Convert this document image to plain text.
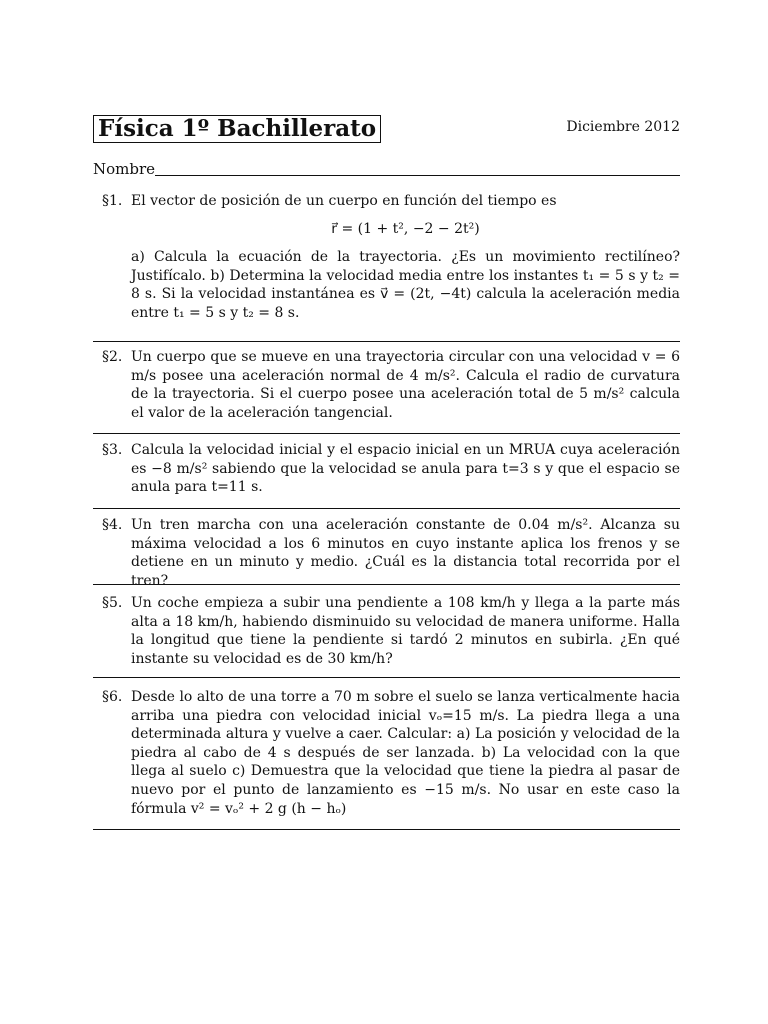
Física 1º Bachillerato	Diciembre 2012
Nombre
§1. El vector de posición de un cuerpo en función del tiempo es

r⃗ = (1 + t², −2 − 2t²)

a) Calcula la ecuación de la trayectoria. ¿Es un movimiento rectilíneo? Justifícalo. b) Determina la velocidad media entre los instantes t₁ = 5 s y t₂ = 8 s. Si la velocidad instantánea es v⃗ = (2t, −4t) calcula la aceleración media entre t₁ = 5 s y t₂ = 8 s.

§2. Un cuerpo que se mueve en una trayectoria circular con una velocidad v = 6 m/s posee una aceleración normal de 4 m/s². Calcula el radio de curvatura de la trayectoria. Si el cuerpo posee una aceleración total de 5 m/s² calcula el valor de la aceleración tangencial.

§3. Calcula la velocidad inicial y el espacio inicial en un MRUA cuya aceleración es −8 m/s² sabiendo que la velocidad se anula para t=3 s y que el espacio se anula para t=11 s.

§4. Un tren marcha con una aceleración constante de 0.04 m/s². Alcanza su máxima velocidad a los 6 minutos en cuyo instante aplica los frenos y se detiene en un minuto y medio. ¿Cuál es la distancia total recorrida por el tren?

§5. Un coche empieza a subir una pendiente a 108 km/h y llega a la parte más alta a 18 km/h, habiendo disminuido su velocidad de manera uniforme. Halla la longitud que tiene la pendiente si tardó 2 minutos en subirla. ¿En qué instante su velocidad es de 30 km/h?

§6. Desde lo alto de una torre a 70 m sobre el suelo se lanza verticalmente hacia arriba una piedra con velocidad inicial vₒ=15 m/s. La piedra llega a una determinada altura y vuelve a caer. Calcular: a) La posición y velocidad de la piedra al cabo de 4 s después de ser lanzada. b) La velocidad con la que llega al suelo c) Demuestra que la velocidad que tiene la piedra al pasar de nuevo por el punto de lanzamiento es −15 m/s. No usar en este caso la fórmula v² = vₒ² + 2 g (h − hₒ)
